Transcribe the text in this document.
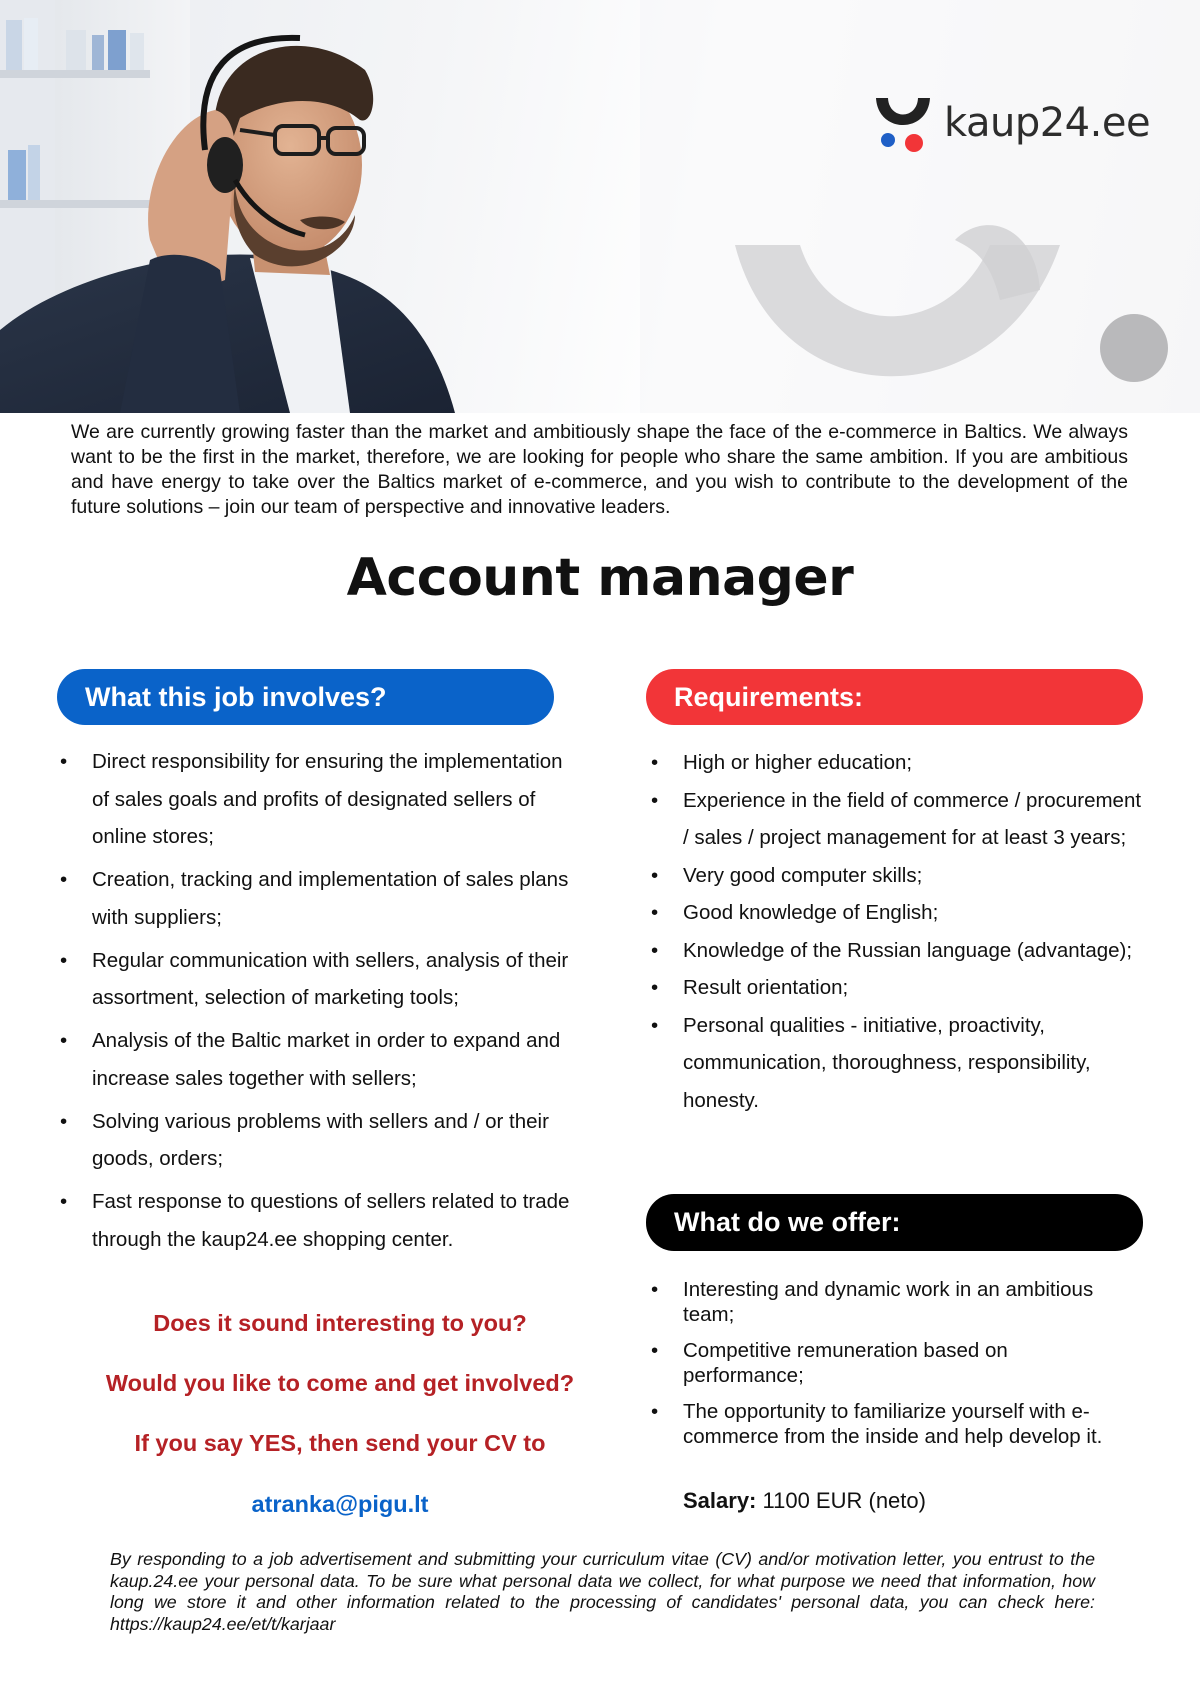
kaup24.ee

We are currently growing faster than the market and ambitiously shape the face of the e-commerce in Baltics. We always want to be the first in the market, therefore, we are looking for people who share the same ambition. If you are ambitious and have energy to take over the Baltics market of e-commerce, and you wish to contribute to the development of the future solutions – join our team of perspective and innovative leaders.

Account manager
What this job involves?
• Direct responsibility for ensuring the implementation of sales goals and profits of designated sellers of online stores;
• Creation, tracking and implementation of sales plans with suppliers;
• Regular communication with sellers, analysis of their assortment, selection of marketing tools;
• Analysis of the Baltic market in order to expand and increase sales together with sellers;
• Solving various problems with sellers and / or their goods, orders;
• Fast response to questions of sellers related to trade through the kaup24.ee shopping center.
Requirements:
• High or higher education;
• Experience in the field of commerce / procurement / sales / project management for at least 3 years;
• Very good computer skills;
• Good knowledge of English;
• Knowledge of the Russian language (advantage);
• Result orientation;
• Personal qualities - initiative, proactivity, communication, thoroughness, responsibility, honesty.
What do we offer:
• Interesting and dynamic work in an ambitious team;
• Competitive remuneration based on performance;
• The opportunity to familiarize yourself with e-commerce from the inside and help develop it.

Salary: 1100 EUR (neto)

Does it sound interesting to you?

Would you like to come and get involved?

If you say YES, then send your CV to

atranka@pigu.lt

By responding to a job advertisement and submitting your curriculum vitae (CV) and/or motivation letter, you entrust to the kaup.24.ee your personal data. To be sure what personal data we collect, for what purpose we need that information, how long we store it and other information related to the processing of candidates' personal data, you can check here: https://kaup24.ee/et/t/karjaar
